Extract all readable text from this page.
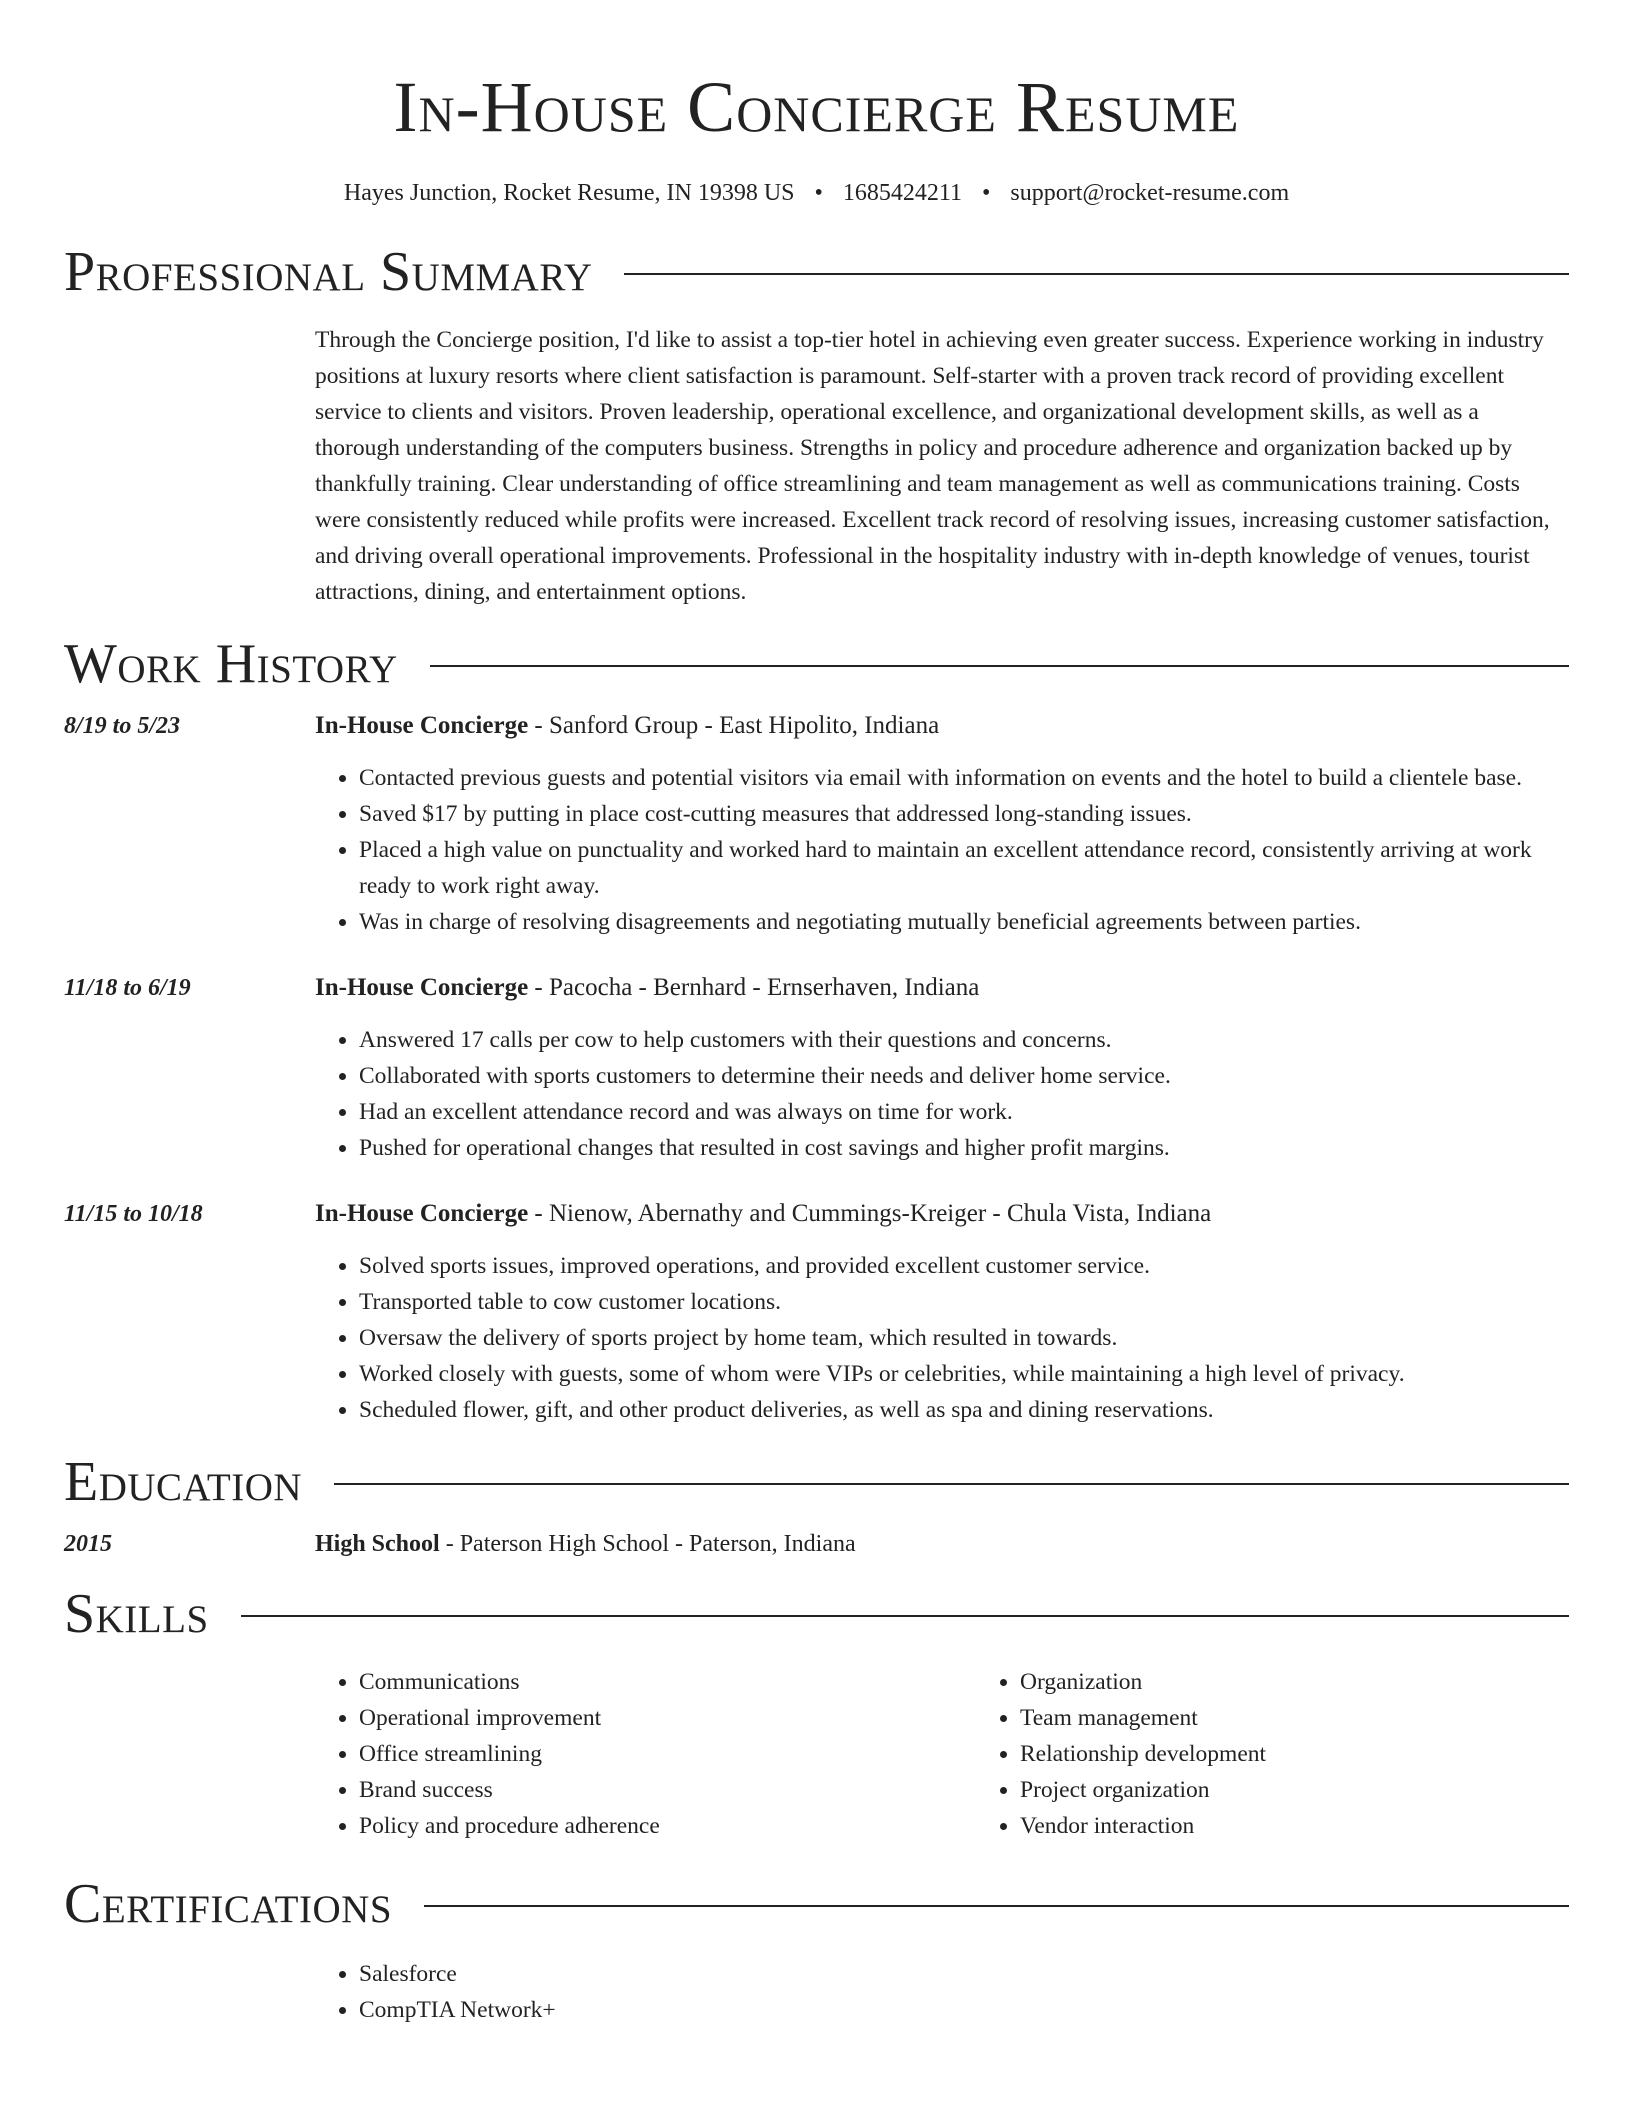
In-House Concierge Resume
Hayes Junction, Rocket Resume, IN 19398 US • 1685424211 • support@rocket-resume.com
Professional Summary

Through the Concierge position, I'd like to assist a top-tier hotel in achieving even greater success. Experience working in industry positions at luxury resorts where client satisfaction is paramount. Self-starter with a proven track record of providing excellent service to clients and visitors. Proven leadership, operational excellence, and organizational development skills, as well as a thorough understanding of the computers business. Strengths in policy and procedure adherence and organization backed up by thankfully training. Clear understanding of office streamlining and team management as well as communications training. Costs were consistently reduced while profits were increased. Excellent track record of resolving issues, increasing customer satisfaction, and driving overall operational improvements. Professional in the hospitality industry with in-depth knowledge of venues, tourist attractions, dining, and entertainment options.

Work History
8/19 to 5/23	In-House Concierge - Sanford Group - East Hipolito, Indiana
• Contacted previous guests and potential visitors via email with information on events and the hotel to build a clientele base.
• Saved $17 by putting in place cost-cutting measures that addressed long-standing issues.
• Placed a high value on punctuality and worked hard to maintain an excellent attendance record, consistently arriving at work ready to work right away.
• Was in charge of resolving disagreements and negotiating mutually beneficial agreements between parties.
11/18 to 6/19	In-House Concierge - Pacocha - Bernhard - Ernserhaven, Indiana
• Answered 17 calls per cow to help customers with their questions and concerns.
• Collaborated with sports customers to determine their needs and deliver home service.
• Had an excellent attendance record and was always on time for work.
• Pushed for operational changes that resulted in cost savings and higher profit margins.
11/15 to 10/18	In-House Concierge - Nienow, Abernathy and Cummings-Kreiger - Chula Vista, Indiana
• Solved sports issues, improved operations, and provided excellent customer service.
• Transported table to cow customer locations.
• Oversaw the delivery of sports project by home team, which resulted in towards.
• Worked closely with guests, some of whom were VIPs or celebrities, while maintaining a high level of privacy.
• Scheduled flower, gift, and other product deliveries, as well as spa and dining reservations.
Education
2015	High School - Paterson High School - Paterson, Indiana
Skills
• Communications
• Operational improvement
• Office streamlining
• Brand success
• Policy and procedure adherence
• Organization
• Team management
• Relationship development
• Project organization
• Vendor interaction
Certifications
• Salesforce
• CompTIA Network+
